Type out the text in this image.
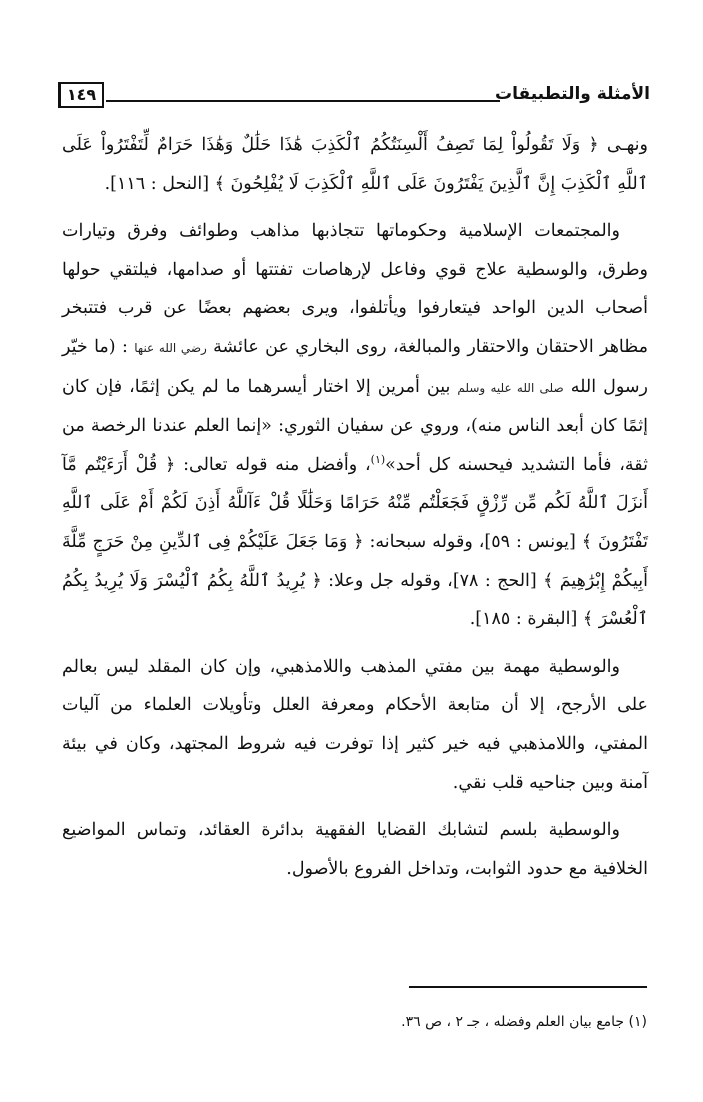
الأمثلة والتطبيقات
١٤٩

ونهـى ﴿ وَلَا تَقُولُواْ لِمَا تَصِفُ أَلْسِنَتُكُمُ ٱلْكَذِبَ هَٰذَا حَلَٰلٌ وَهَٰذَا حَرَامٌ لِّتَفْتَرُواْ عَلَى ٱللَّهِ ٱلْكَذِبَ إِنَّ ٱلَّذِينَ يَفْتَرُونَ عَلَى ٱللَّهِ ٱلْكَذِبَ لَا يُفْلِحُونَ ﴾ [النحل : ١١٦].

والمجتمعات الإسلامية وحكوماتها تتجاذبها مذاهب وطوائف وفرق وتيارات وطرق، والوسطية علاج قوي وفاعل لإرهاصات تفتتها أو صدامها، فيلتقي حولها أصحاب الدين الواحد فيتعارفوا ويأتلفوا، ويرى بعضهم بعضًا عن قرب فتتبخر مظاهر الاحتقان والاحتقار والمبالغة، روى البخاري عن عائشة رضي الله عنها : (ما خيّر رسول الله صلى الله عليه وسلم بين أمرين إلا اختار أيسرهما ما لم يكن إثمًا، فإن كان إثمًا كان أبعد الناس منه)، وروي عن سفيان الثوري: «إنما العلم عندنا الرخصة من ثقة، فأما التشديد فيحسنه كل أحد»$^{(١)}$، وأفضل منه قوله تعالى: ﴿ قُلْ أَرَءَيْتُم مَّآ أَنزَلَ ٱللَّهُ لَكُم مِّن رِّزْقٍ فَجَعَلْتُم مِّنْهُ حَرَامًا وَحَلَٰلًا قُلْ ءَآللَّهُ أَذِنَ لَكُمْ أَمْ عَلَى ٱللَّهِ تَفْتَرُونَ ﴾ [يونس : ٥٩]، وقوله سبحانه: ﴿ وَمَا جَعَلَ عَلَيْكُمْ فِى ٱلدِّينِ مِنْ حَرَجٍ مِّلَّةَ أَبِيكُمْ إِبْرَٰهِيمَ ﴾ [الحج : ٧٨]، وقوله جل وعلا: ﴿ يُرِيدُ ٱللَّهُ بِكُمُ ٱلْيُسْرَ وَلَا يُرِيدُ بِكُمُ ٱلْعُسْرَ ﴾ [البقرة : ١٨٥].

والوسطية مهمة بين مفتي المذهب واللامذهبي، وإن كان المقلد ليس بعالم على الأرجح، إلا أن متابعة الأحكام ومعرفة العلل وتأويلات العلماء من آليات المفتي، واللامذهبي فيه خير كثير إذا توفرت فيه شروط المجتهد، وكان في بيئة آمنة وبين جناحيه قلب نقي.

والوسطية بلسم لتشابك القضايا الفقهية بدائرة العقائد، وتماس المواضيع الخلافية مع حدود الثوابت، وتداخل الفروع بالأصول.

(١) جامع بيان العلم وفضله ، جـ ٢ ، ص ٣٦.
